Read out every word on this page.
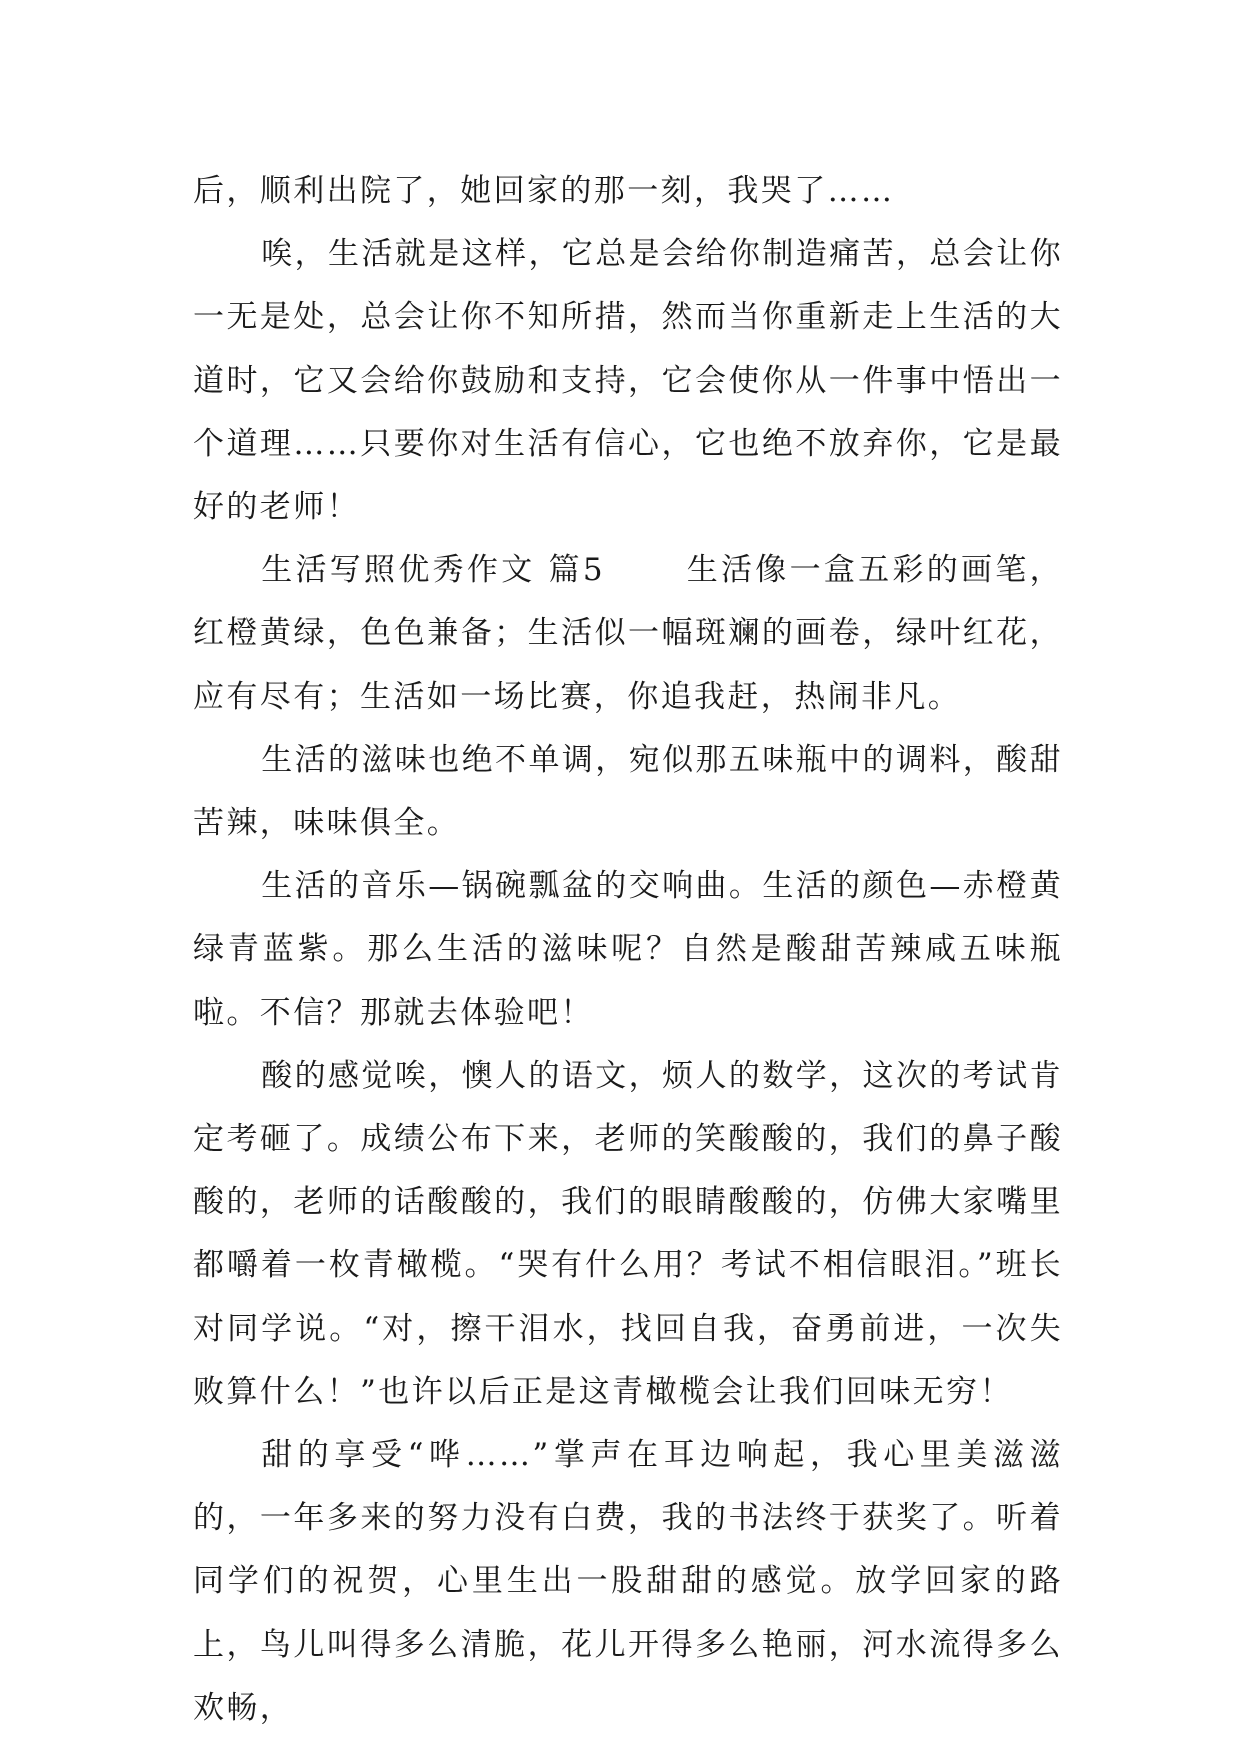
后，顺利出院了，她回家的那一刻，我哭了……

唉，生活就是这样，它总是会给你制造痛苦，总会让你一无是处，总会让你不知所措，然而当你重新走上生活的大道时，它又会给你鼓励和支持，它会使你从一件事中悟出一个道理……只要你对生活有信心，它也绝不放弃你，它是最好的老师！

生活写照优秀作文 篇5 　　生活像一盒五彩的画笔，红橙黄绿，色色兼备；生活似一幅斑斓的画卷，绿叶红花，应有尽有；生活如一场比赛，你追我赶，热闹非凡。

生活的滋味也绝不单调，宛似那五味瓶中的调料，酸甜苦辣，味味俱全。

生活的音乐—锅碗瓢盆的交响曲。生活的颜色—赤橙黄绿青蓝紫。那么生活的滋味呢？自然是酸甜苦辣咸五味瓶啦。不信？那就去体验吧！

酸的感觉唉，懊人的语文，烦人的数学，这次的考试肯定考砸了。成绩公布下来，老师的笑酸酸的，我们的鼻子酸酸的，老师的话酸酸的，我们的眼睛酸酸的，仿佛大家嘴里都嚼着一枚青橄榄。“哭有什么用？考试不相信眼泪。”班长对同学说。“对，擦干泪水，找回自我，奋勇前进，一次失败算什么！”也许以后正是这青橄榄会让我们回味无穷！

甜的享受“哗……”掌声在耳边响起，我心里美滋滋的，一年多来的努力没有白费，我的书法终于获奖了。听着同学们的祝贺，心里生出一股甜甜的感觉。放学回家的路上，鸟儿叫得多么清脆，花儿开得多么艳丽，河水流得多么欢畅，
